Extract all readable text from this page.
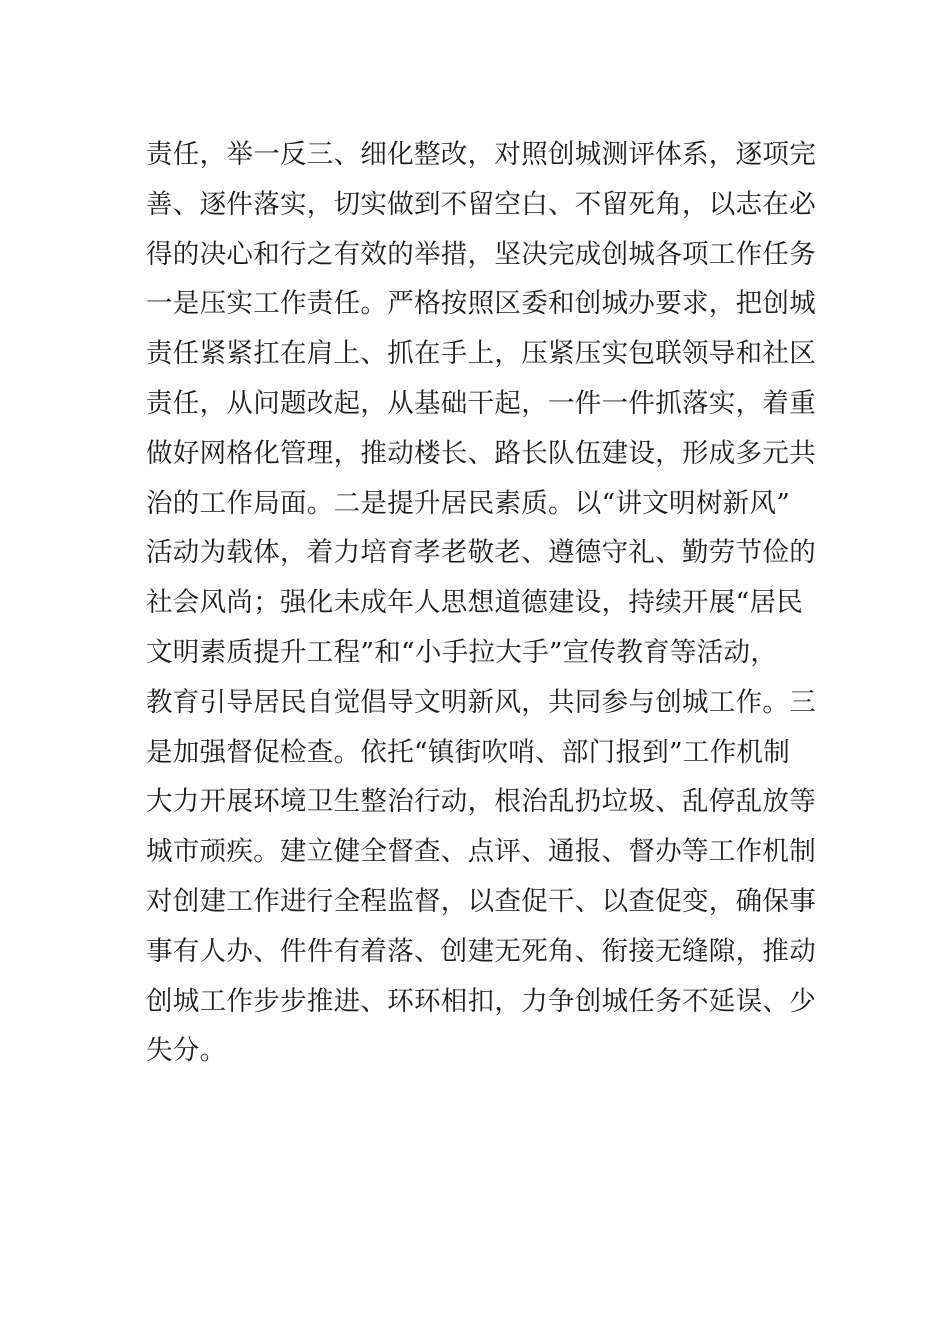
责任，举一反三、细化整改，对照创城测评体系，逐项完
善、逐件落实，切实做到不留空白、不留死角，以志在必
得的决心和行之有效的举措，坚决完成创城各项工作任务
一是压实工作责任。严格按照区委和创城办要求，把创城
责任紧紧扛在肩上、抓在手上，压紧压实包联领导和社区
责任，从问题改起，从基础干起，一件一件抓落实，着重
做好网格化管理，推动楼长、路长队伍建设，形成多元共
治的工作局面。二是提升居民素质。以“讲文明树新风”
活动为载体，着力培育孝老敬老、遵德守礼、勤劳节俭的
社会风尚；强化未成年人思想道德建设，持续开展“居民
文明素质提升工程”和“小手拉大手”宣传教育等活动，
教育引导居民自觉倡导文明新风，共同参与创城工作。三
是加强督促检查。依托“镇街吹哨、部门报到”工作机制
大力开展环境卫生整治行动，根治乱扔垃圾、乱停乱放等
城市顽疾。建立健全督查、点评、通报、督办等工作机制
对创建工作进行全程监督，以查促干、以查促变，确保事
事有人办、件件有着落、创建无死角、衔接无缝隙，推动
创城工作步步推进、环环相扣，力争创城任务不延误、少
失分。
